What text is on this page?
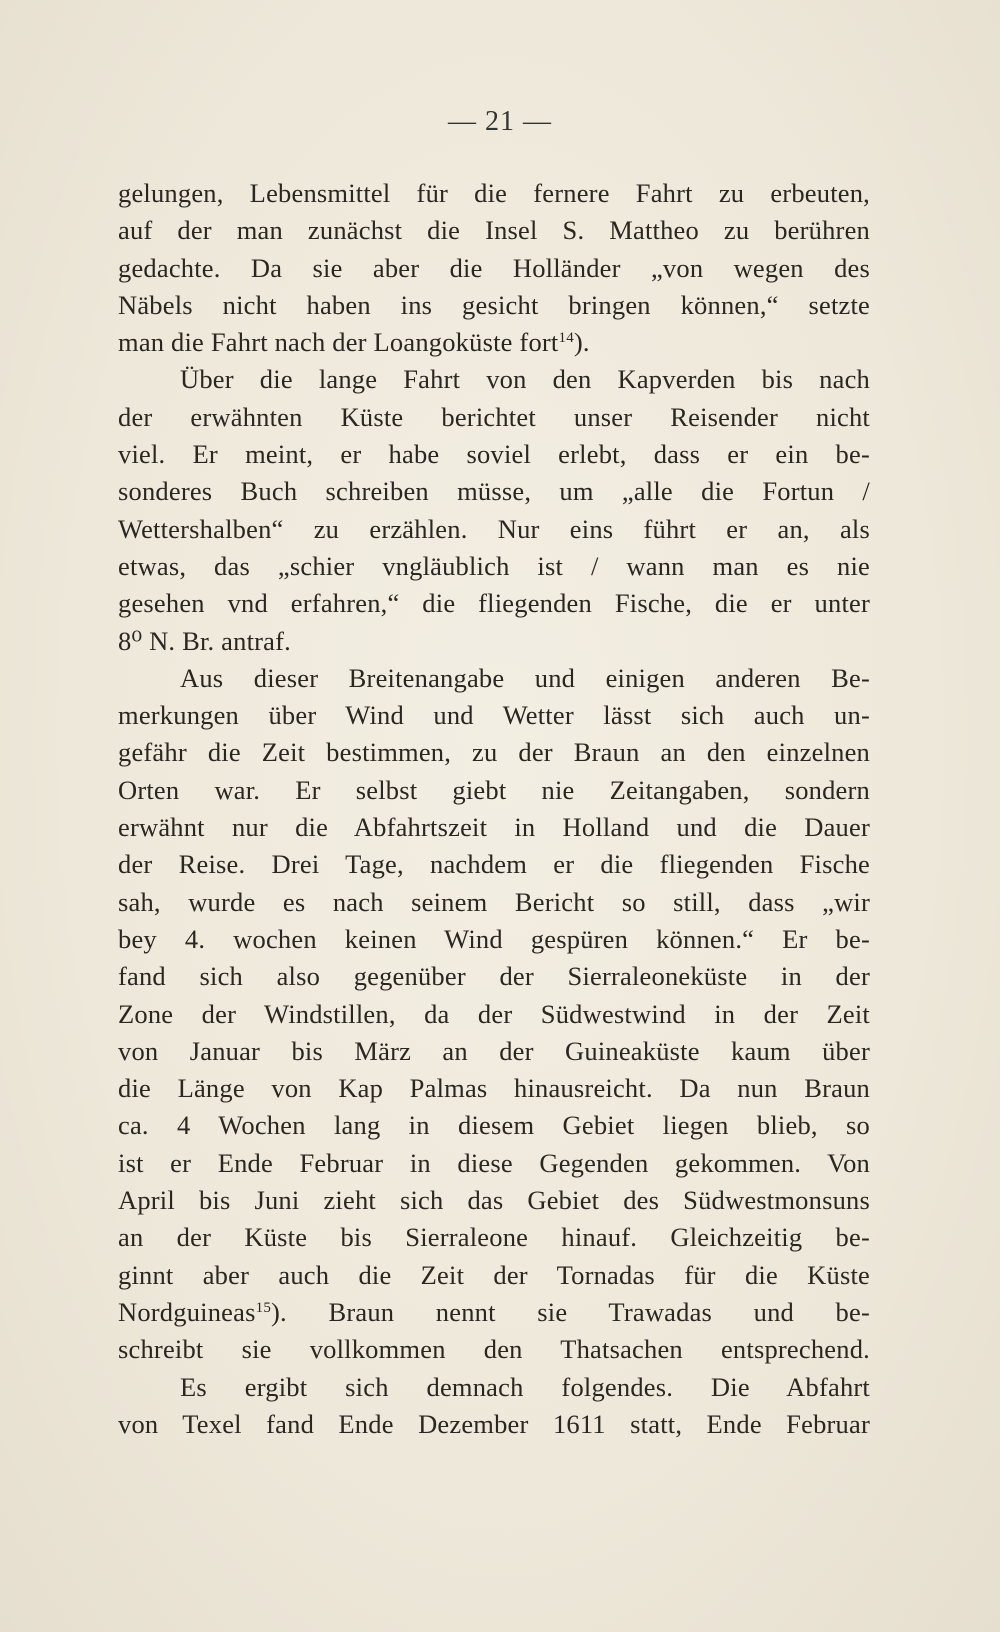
— 21 —
gelungen, Lebensmittel für die fernere Fahrt zu erbeuten,
auf der man zunächst die Insel S. Mattheo zu berühren
gedachte. Da sie aber die Holländer „von wegen des
Näbels nicht haben ins gesicht bringen können,“ setzte
man die Fahrt nach der Loangoküste fort$^{14}$).
Über die lange Fahrt von den Kapverden bis nach
der erwähnten Küste berichtet unser Reisender nicht
viel. Er meint, er habe soviel erlebt, dass er ein be-
sonderes Buch schreiben müsse, um „alle die Fortun /
Wettershalben“ zu erzählen. Nur eins führt er an, als
etwas, das „schier vngläublich ist / wann man es nie
gesehen vnd erfahren,“ die fliegenden Fische, die er unter
8⁰ N. Br. antraf.
Aus dieser Breitenangabe und einigen anderen Be-
merkungen über Wind und Wetter lässt sich auch un-
gefähr die Zeit bestimmen, zu der Braun an den einzelnen
Orten war. Er selbst giebt nie Zeitangaben, sondern
erwähnt nur die Abfahrtszeit in Holland und die Dauer
der Reise. Drei Tage, nachdem er die fliegenden Fische
sah, wurde es nach seinem Bericht so still, dass „wir
bey 4. wochen keinen Wind gespüren können.“ Er be-
fand sich also gegenüber der Sierraleoneküste in der
Zone der Windstillen, da der Südwestwind in der Zeit
von Januar bis März an der Guineaküste kaum über
die Länge von Kap Palmas hinausreicht. Da nun Braun
ca. 4 Wochen lang in diesem Gebiet liegen blieb, so
ist er Ende Februar in diese Gegenden gekommen. Von
April bis Juni zieht sich das Gebiet des Südwestmonsuns
an der Küste bis Sierraleone hinauf. Gleichzeitig be-
ginnt aber auch die Zeit der Tornadas für die Küste
Nordguineas$^{15}$). Braun nennt sie Trawadas und be-
schreibt sie vollkommen den Thatsachen entsprechend.
Es ergibt sich demnach folgendes. Die Abfahrt
von Texel fand Ende Dezember 1611 statt, Ende Februar
